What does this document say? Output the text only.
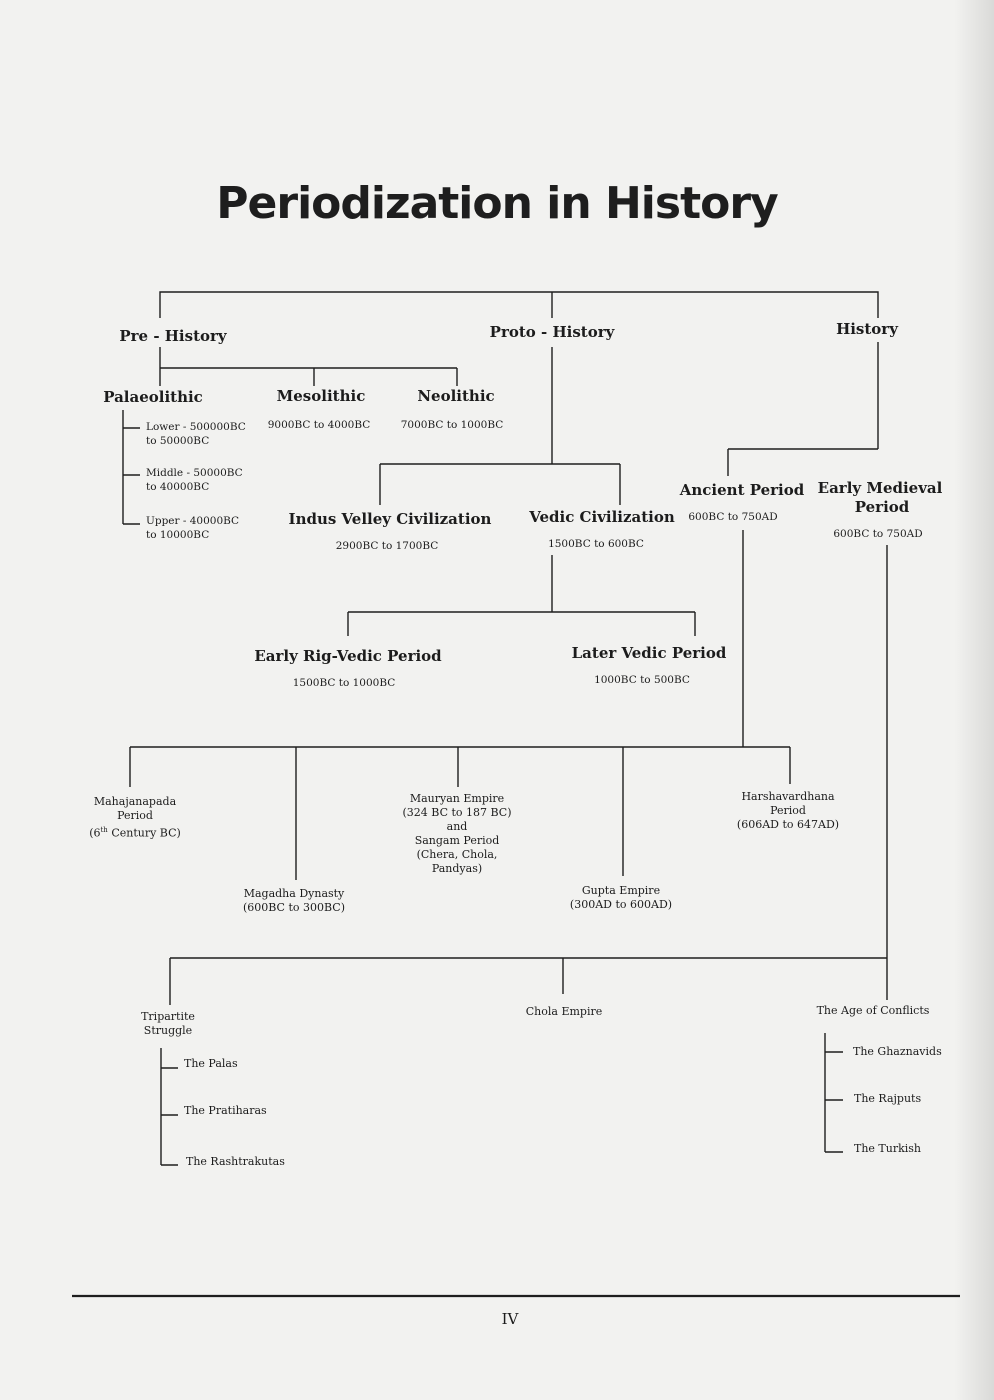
Periodization in History
Pre - History	Proto - History	History
Palaeolithic	Mesolithic
9000BC to 4000BC
Neolithic
7000BC to 1000BC
Lower - 500000BC
to 50000BC
Middle - 50000BC
to 40000BC
Upper - 40000BC
to 10000BC
Indus Velley Civilization
2900BC to 1700BC
Vedic Civilization
1500BC to 600BC
Early Rig-Vedic Period
1500BC to 1000BC
Later Vedic Period
1000BC to 500BC
Ancient Period
600BC to 750AD
Early Medieval
Period
600BC to 750AD
Mahajanapada
Period
(6th Century BC)
Magadha Dynasty
(600BC to 300BC)
Mauryan Empire
(324 BC to 187 BC)
and
Sangam Period
(Chera, Chola,
Pandyas)
Gupta Empire
(300AD to 600AD)
Harshavardhana
Period
(606AD to 647AD)
Tripartite
Struggle
The Palas
The Pratiharas
The Rashtrakutas
Chola Empire	The Age of Conflicts
The Ghaznavids
The Rajputs
The Turkish
IV
